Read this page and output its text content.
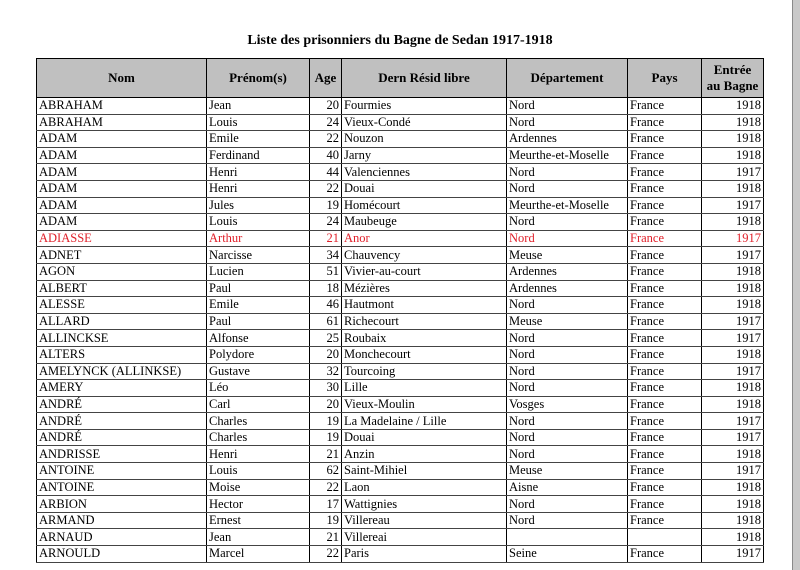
Liste des prisonniers du Bagne de Sedan 1917-1918
Nom	Prénom(s)	Age	Dern Résid libre	Département	Pays	Entrée
au Bagne
ABRAHAM	Jean	20	Fourmies	Nord	France	1918
ABRAHAM	Louis	24	Vieux-Condé	Nord	France	1918
ADAM	Emile	22	Nouzon	Ardennes	France	1918
ADAM	Ferdinand	40	Jarny	Meurthe-et-Moselle	France	1918
ADAM	Henri	44	Valenciennes	Nord	France	1917
ADAM	Henri	22	Douai	Nord	France	1918
ADAM	Jules	19	Homécourt	Meurthe-et-Moselle	France	1917
ADAM	Louis	24	Maubeuge	Nord	France	1918
ADIASSE	Arthur	21	Anor	Nord	France	1917
ADNET	Narcisse	34	Chauvency	Meuse	France	1917
AGON	Lucien	51	Vivier-au-court	Ardennes	France	1918
ALBERT	Paul	18	Mézières	Ardennes	France	1918
ALESSE	Emile	46	Hautmont	Nord	France	1918
ALLARD	Paul	61	Richecourt	Meuse	France	1917
ALLINCKSE	Alfonse	25	Roubaix	Nord	France	1917
ALTERS	Polydore	20	Monchecourt	Nord	France	1918
AMELYNCK (ALLINKSE)	Gustave	32	Tourcoing	Nord	France	1917
AMERY	Léo	30	Lille	Nord	France	1918
ANDRÉ	Carl	20	Vieux-Moulin	Vosges	France	1918
ANDRÉ	Charles	19	La Madelaine / Lille	Nord	France	1917
ANDRÉ	Charles	19	Douai	Nord	France	1917
ANDRISSE	Henri	21	Anzin	Nord	France	1918
ANTOINE	Louis	62	Saint-Mihiel	Meuse	France	1917
ANTOINE	Moise	22	Laon	Aisne	France	1918
ARBION	Hector	17	Wattignies	Nord	France	1918
ARMAND	Ernest	19	Villereau	Nord	France	1918
ARNAUD	Jean	21	Villereai			1918
ARNOULD	Marcel	22	Paris	Seine	France	1917
